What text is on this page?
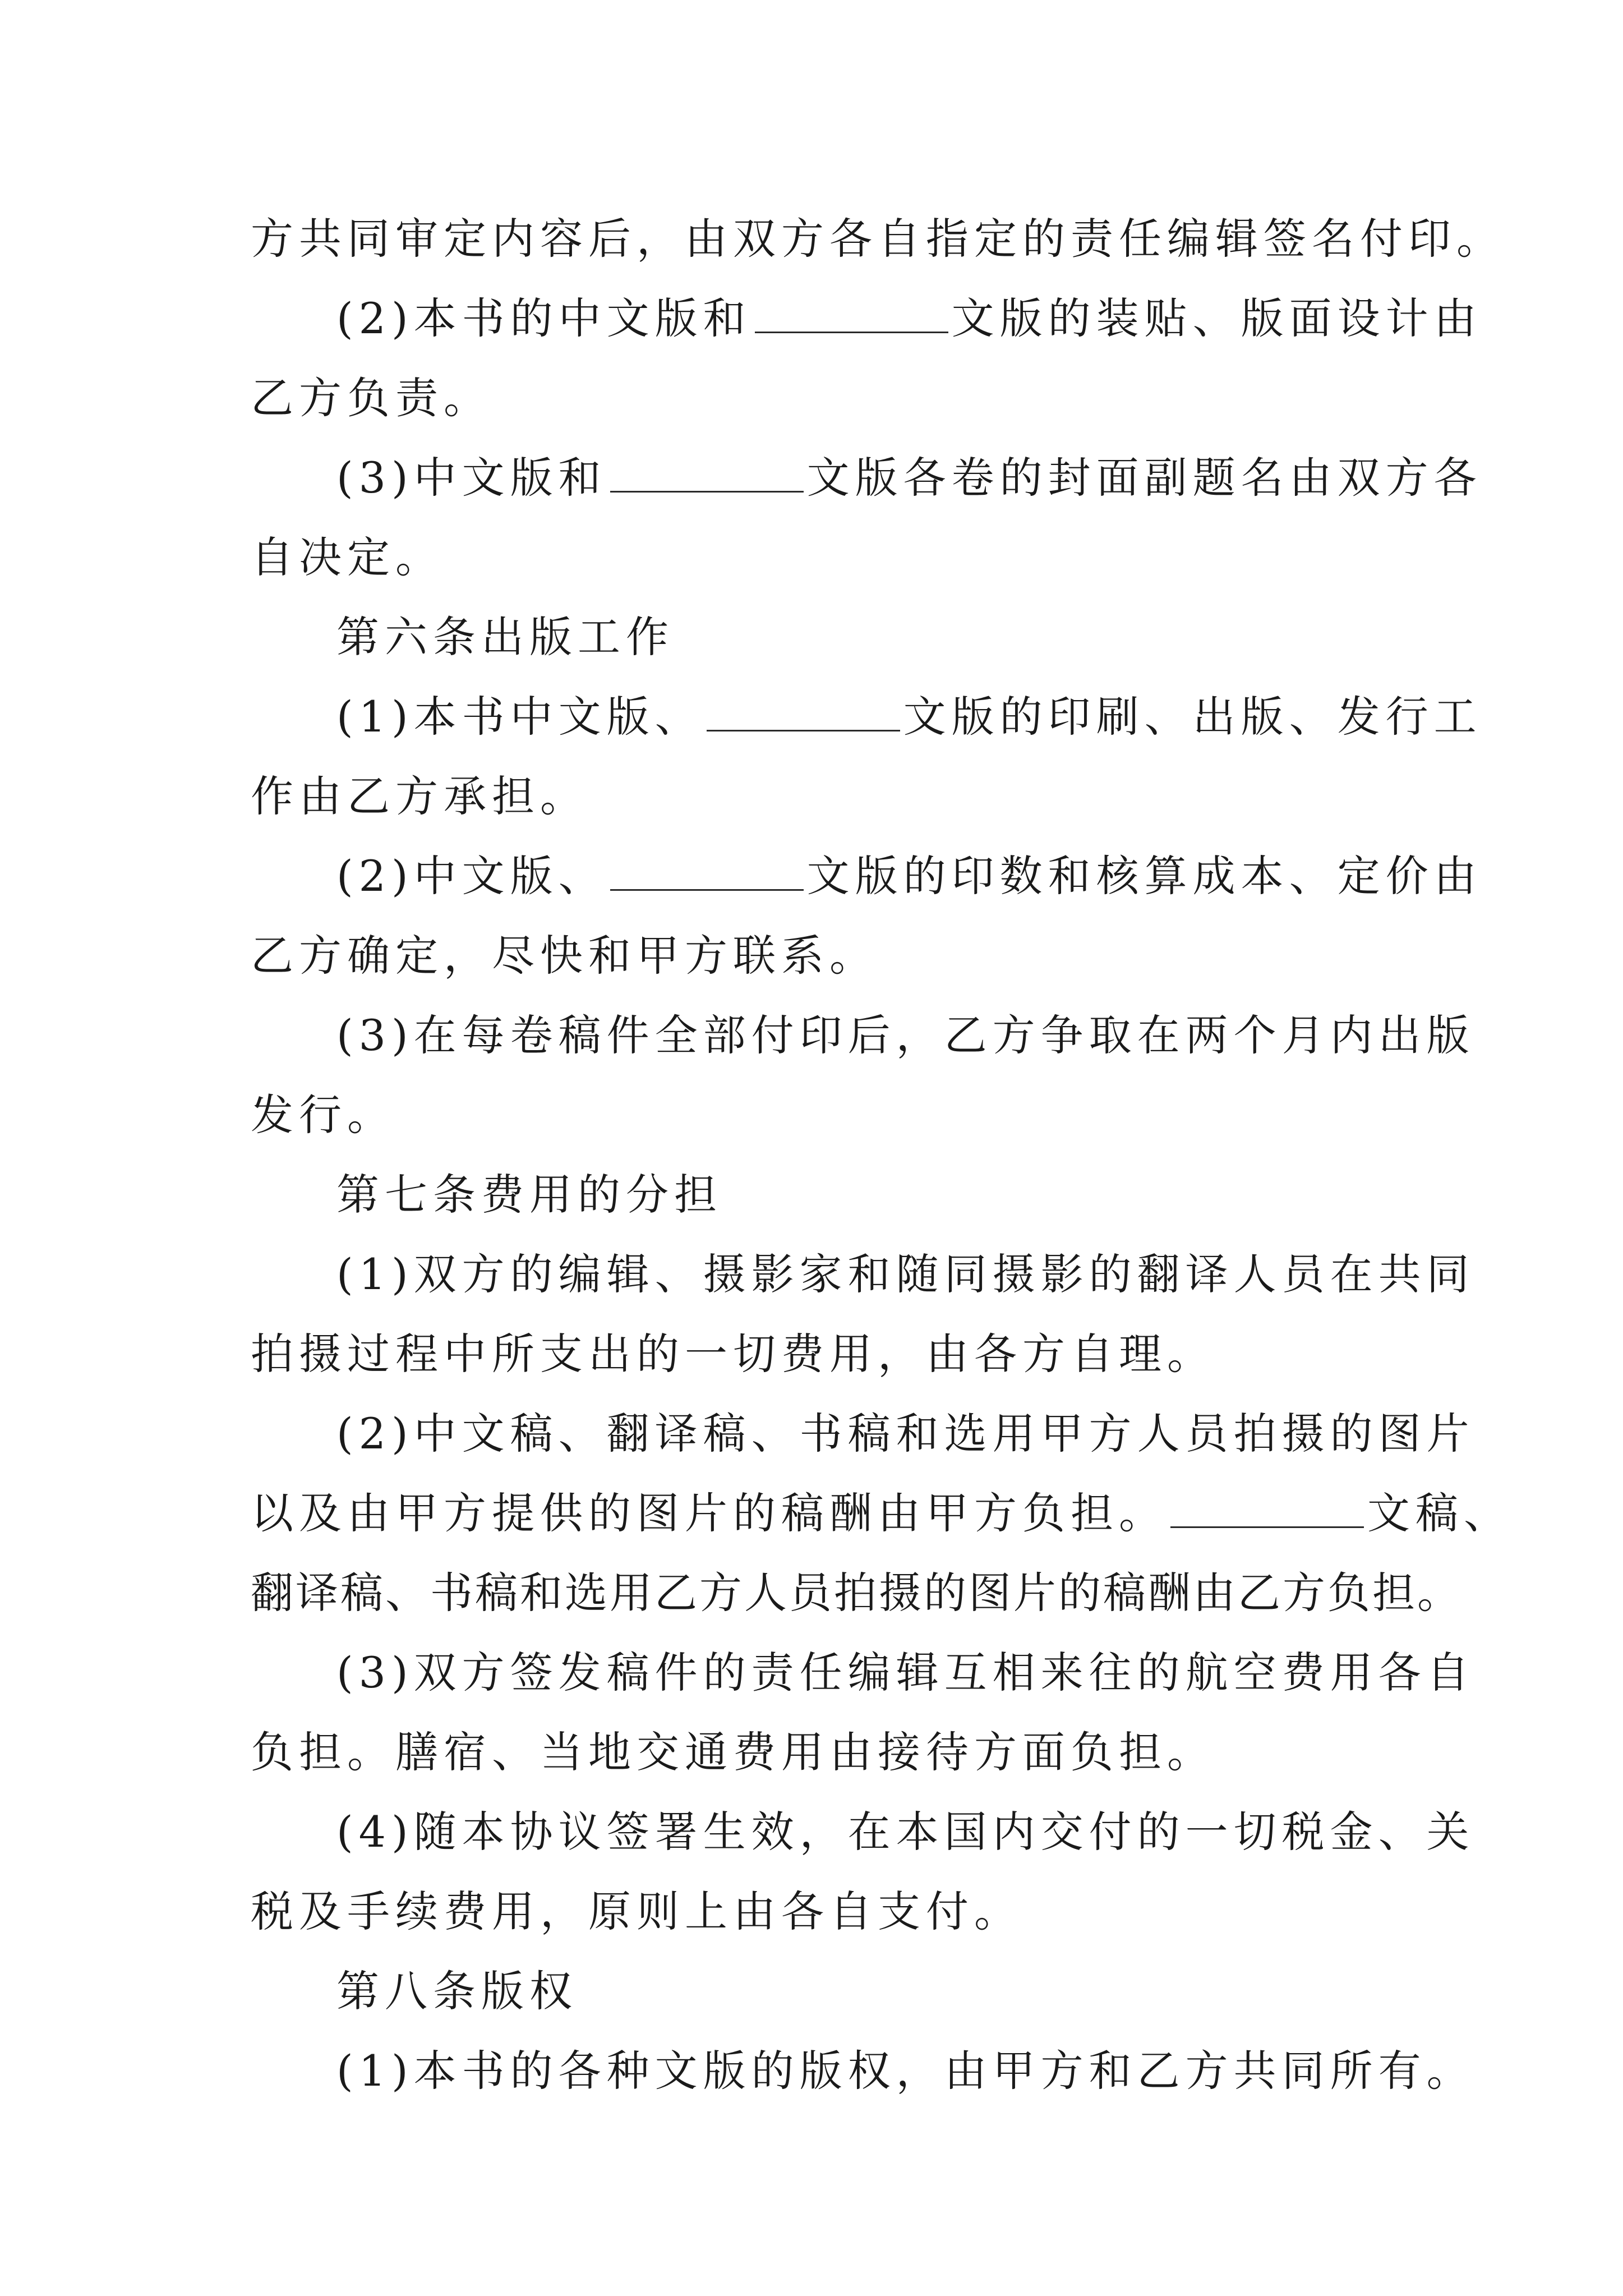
方共同审定内容后，由双方各自指定的责任编辑签名付印。
(2)本书的中文版和	文版的装贴、版面设计由
乙方负责。
(3)中文版和	文版各卷的封面副题名由双方各
自决定。
第六条出版工作
(1)本书中文版、	文版的印刷、出版、发行工
作由乙方承担。
(2)中文版、	文版的印数和核算成本、定价由
乙方确定，尽快和甲方联系。
(3)在每卷稿件全部付印后，乙方争取在两个月内出版
发行。
第七条费用的分担
(1)双方的编辑、摄影家和随同摄影的翻译人员在共同
拍摄过程中所支出的一切费用，由各方自理。
(2)中文稿、翻译稿、书稿和选用甲方人员拍摄的图片
以及由甲方提供的图片的稿酬由甲方负担。	文稿、
翻译稿、书稿和选用乙方人员拍摄的图片的稿酬由乙方负担。
(3)双方签发稿件的责任编辑互相来往的航空费用各自
负担。膳宿、当地交通费用由接待方面负担。
(4)随本协议签署生效，在本国内交付的一切税金、关
税及手续费用，原则上由各自支付。
第八条版权
(1)本书的各种文版的版权，由甲方和乙方共同所有。
